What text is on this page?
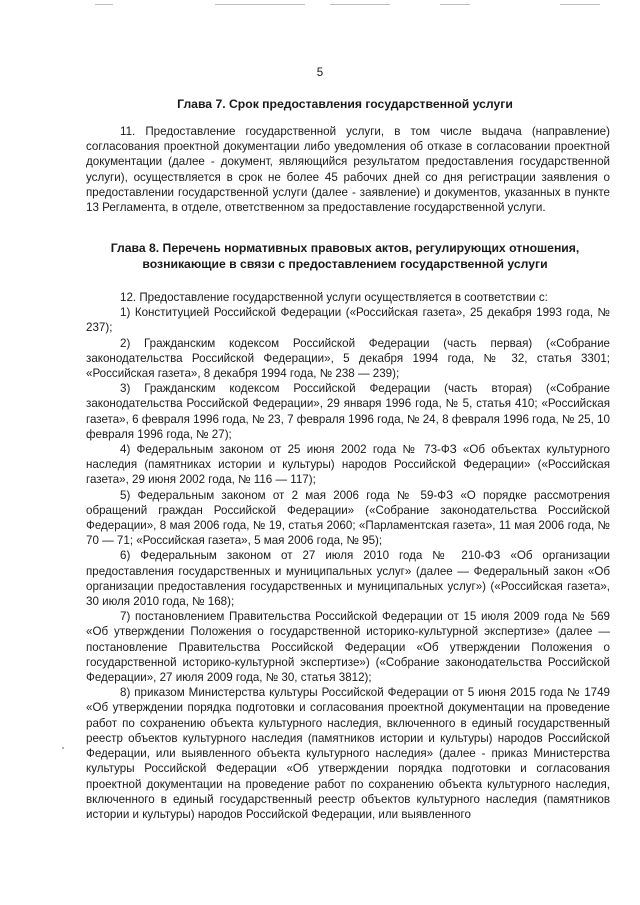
5
Глава 7. Срок предоставления государственной услуги

11. Предоставление государственной услуги, в том числе выдача (направление) согласования проектной документации либо уведомления об отказе в согласовании проектной документации (далее - документ, являющийся результатом предоставления государственной услуги), осуществляется в срок не более 45 рабочих дней со дня регистрации заявления о предоставлении государственной услуги (далее - заявление) и документов, указанных в пункте 13 Регламента, в отделе, ответственном за предоставление государственной услуги.

Глава 8. Перечень нормативных правовых актов, регулирующих отношения, возникающие в связи с предоставлением государственной услуги

12. Предоставление государственной услуги осуществляется в соответствии с:

1) Конституцией Российской Федерации («Российская газета», 25 декабря 1993 года, № 237);

2) Гражданским кодексом Российской Федерации (часть первая) («Собрание законодательства Российской Федерации», 5 декабря 1994 года, № 32, статья 3301; «Российская газета», 8 декабря 1994 года, № 238 — 239);

3) Гражданским кодексом Российской Федерации (часть вторая) («Собрание законодательства Российской Федерации», 29 января 1996 года, № 5, статья 410; «Российская газета», 6 февраля 1996 года, № 23, 7 февраля 1996 года, № 24, 8 февраля 1996 года, № 25, 10 февраля 1996 года, № 27);

4) Федеральным законом от 25 июня 2002 года № 73-ФЗ «Об объектах культурного наследия (памятниках истории и культуры) народов Российской Федерации» («Российская газета», 29 июня 2002 года, № 116 — 117);

5) Федеральным законом от 2 мая 2006 года № 59-ФЗ «О порядке рассмотрения обращений граждан Российской Федерации» («Собрание законодательства Российской Федерации», 8 мая 2006 года, № 19, статья 2060; «Парламентская газета», 11 мая 2006 года, № 70 — 71; «Российская газета», 5 мая 2006 года, № 95);

6) Федеральным законом от 27 июля 2010 года № 210-ФЗ «Об организации предоставления государственных и муниципальных услуг» (далее — Федеральный закон «Об организации предоставления государственных и муниципальных услуг») («Российская газета», 30 июля 2010 года, № 168);

7) постановлением Правительства Российской Федерации от 15 июля 2009 года № 569 «Об утверждении Положения о государственной историко-культурной экспертизе» (далее — постановление Правительства Российской Федерации «Об утверждении Положения о государственной историко-культурной экспертизе») («Собрание законодательства Российской Федерации», 27 июля 2009 года, № 30, статья 3812);

8) приказом Министерства культуры Российской Федерации от 5 июня 2015 года № 1749 «Об утверждении порядка подготовки и согласования проектной документации на проведение работ по сохранению объекта культурного наследия, включенного в единый государственный реестр объектов культурного наследия (памятников истории и культуры) народов Российской Федерации, или выявленного объекта культурного наследия» (далее - приказ Министерства культуры Российской Федерации «Об утверждении порядка подготовки и согласования проектной документации на проведение работ по сохранению объекта культурного наследия, включенного в единый государственный реестр объектов культурного наследия (памятников истории и культуры) народов Российской Федерации, или выявленного
